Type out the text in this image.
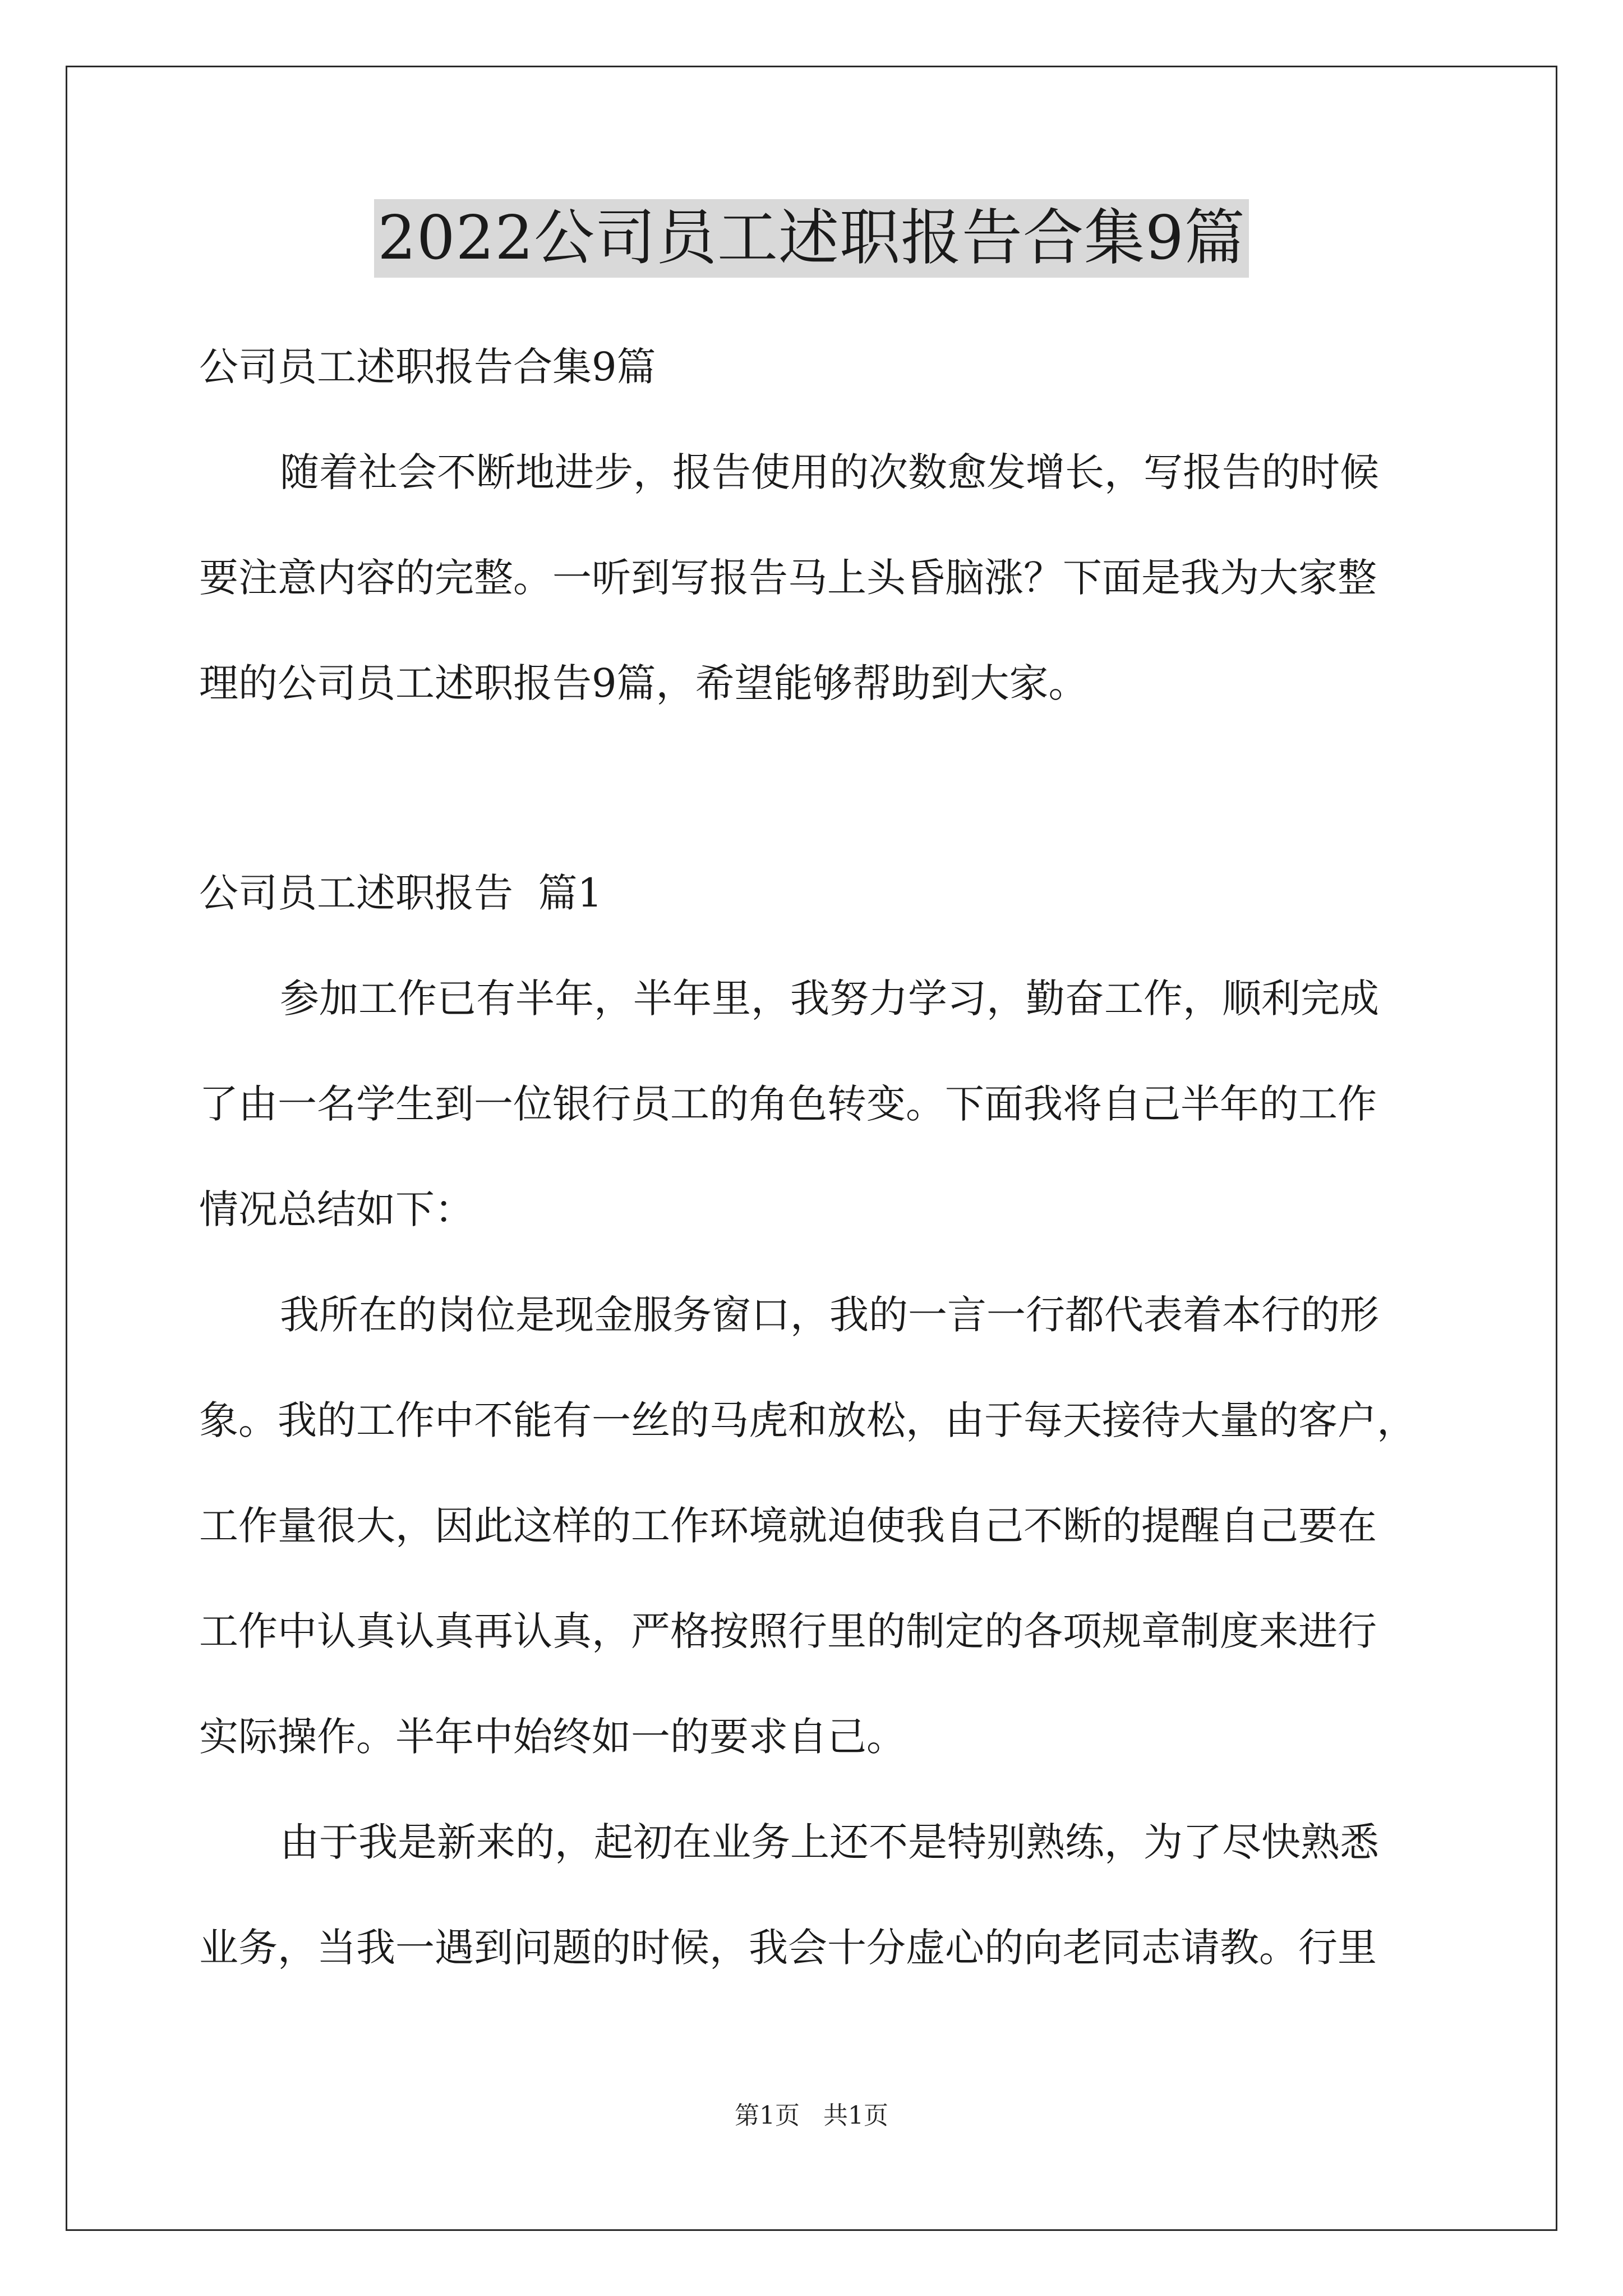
2022公司员工述职报告合集9篇

公司员工述职报告合集9篇

随着社会不断地进步，报告使用的次数愈发增长，写报告的时候

要注意内容的完整。一听到写报告马上头昏脑涨？下面是我为大家整

理的公司员工述职报告9篇，希望能够帮助到大家。

公司员工述职报告  篇1

参加工作已有半年，半年里，我努力学习，勤奋工作，顺利完成

了由一名学生到一位银行员工的角色转变。下面我将自己半年的工作

情况总结如下：

我所在的岗位是现金服务窗口，我的一言一行都代表着本行的形

象。我的工作中不能有一丝的马虎和放松，由于每天接待大量的客户，

工作量很大，因此这样的工作环境就迫使我自己不断的提醒自己要在

工作中认真认真再认真，严格按照行里的制定的各项规章制度来进行

实际操作。半年中始终如一的要求自己。

由于我是新来的，起初在业务上还不是特别熟练，为了尽快熟悉

业务，当我一遇到问题的时候，我会十分虚心的向老同志请教。行里

第1页   共1页
